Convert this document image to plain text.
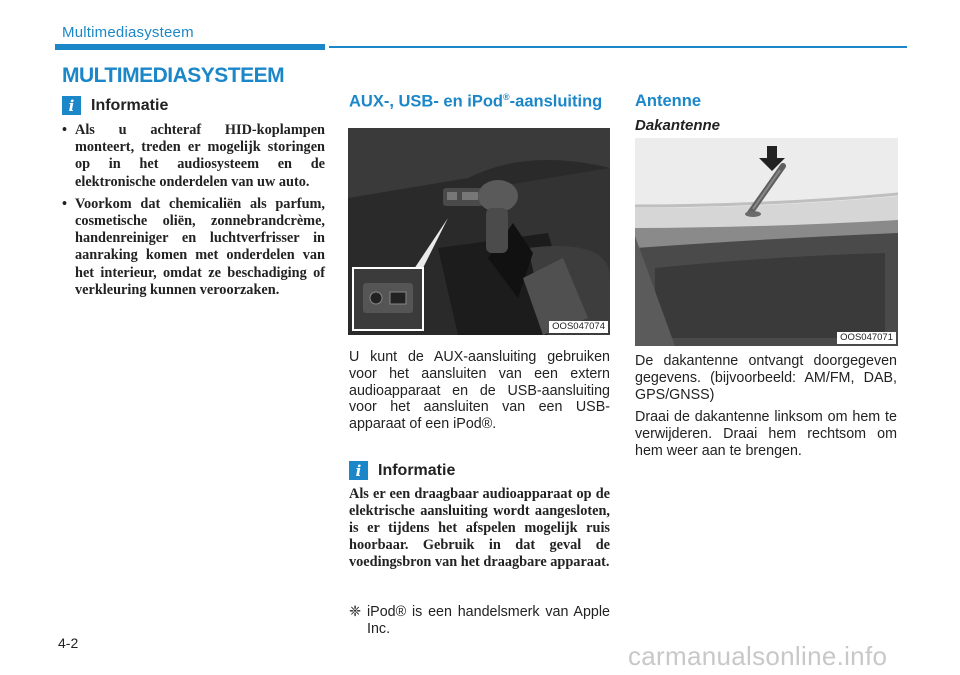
Multimediasysteem
MULTIMEDIASYSTEEM
i	Informatie
• Als u achteraf HID-koplampen monteert, treden er mogelijk storingen op in het audiosysteem en de elektronische onderdelen van uw auto.
• Voorkom dat chemicaliën als parfum, cosmetische oliën, zonnebrandcrème, handenreiniger en luchtverfrisser in aanraking komen met onderdelen van het interieur, omdat ze beschadiging of verkleuring kunnen veroorzaken.
AUX-, USB- en iPod®-aansluiting
OOS047074
U kunt de AUX-aansluiting gebruiken voor het aansluiten van een extern audioapparaat en de USB-aansluiting voor het aansluiten van een USB-apparaat of een iPod®.
i	Informatie
Als er een draagbaar audioapparaat op de elektrische aansluiting wordt aangesloten, is er tijdens het afspelen mogelijk ruis hoorbaar. Gebruik in dat geval de voedingsbron van het draagbare apparaat.
❈ iPod® is een handelsmerk van Apple Inc.
Antenne
Dakantenne
OOS047071

De dakantenne ontvangt doorgegeven gegevens. (bijvoorbeeld: AM/FM, DAB, GPS/GNSS)

Draai de dakantenne linksom om hem te verwijderen. Draai hem rechtsom om hem weer aan te brengen.

4-2	carmanualsonline.info
